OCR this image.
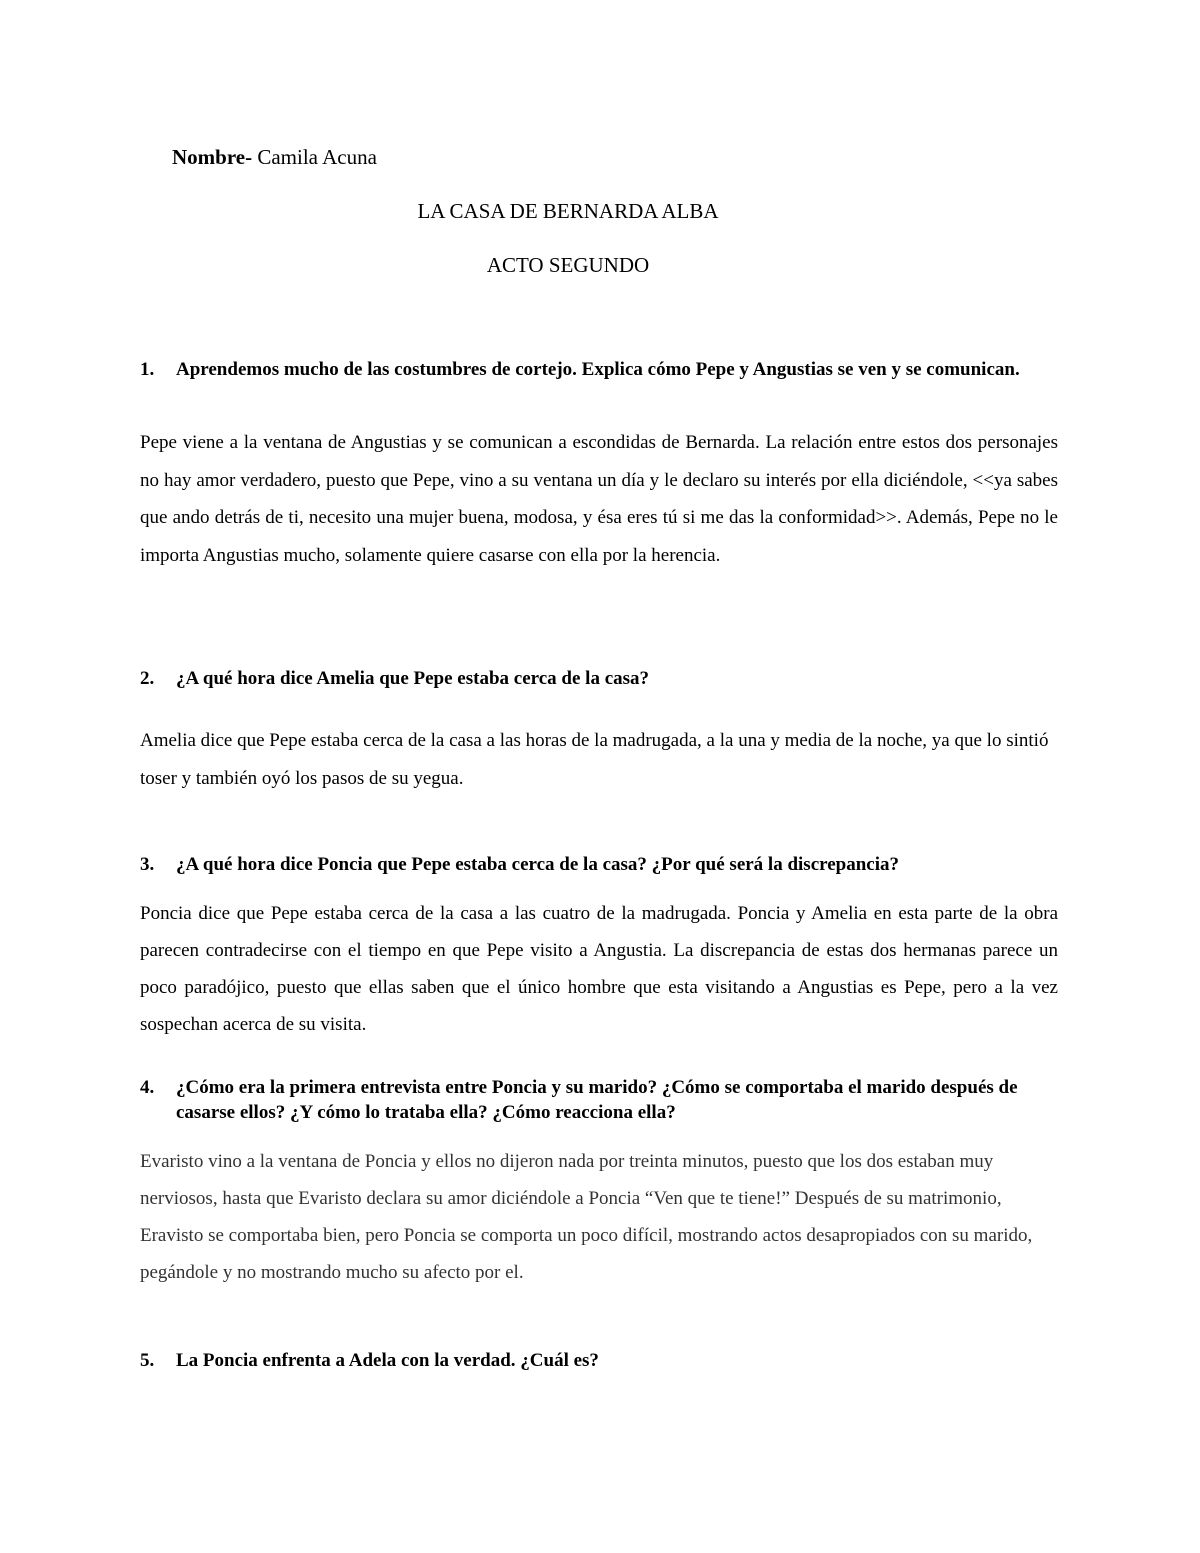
Nombre- Camila Acuna
LA CASA DE BERNARDA ALBA
ACTO SEGUNDO
1.	Aprendemos mucho de las costumbres de cortejo. Explica cómo Pepe y Angustias se ven y se comunican.
Pepe viene a la ventana de Angustias y se comunican a escondidas de Bernarda. La relación entre estos dos personajes no hay amor verdadero, puesto que Pepe, vino a su ventana un día y le declaro su interés por ella diciéndole, <<ya sabes que ando detrás de ti, necesito una mujer buena, modosa, y ésa eres tú si me das la conformidad>>. Además, Pepe no le importa Angustias mucho, solamente quiere casarse con ella por la herencia.
2.	¿A qué hora dice Amelia que Pepe estaba cerca de la casa?
Amelia dice que Pepe estaba cerca de la casa a las horas de la madrugada, a la una y media de la noche, ya que lo sintió toser y también oyó los pasos de su yegua.
3.	¿A qué hora dice Poncia que Pepe estaba cerca de la casa? ¿Por qué será la discrepancia?
Poncia dice que Pepe estaba cerca de la casa a las cuatro de la madrugada. Poncia y Amelia en esta parte de la obra parecen contradecirse con el tiempo en que Pepe visito a Angustia. La discrepancia de estas dos hermanas parece un poco paradójico, puesto que ellas saben que el único hombre que esta visitando a Angustias es Pepe, pero a la vez sospechan acerca de su visita.
4.	¿Cómo era la primera entrevista entre Poncia y su marido? ¿Cómo se comportaba el marido después de casarse ellos? ¿Y cómo lo trataba ella? ¿Cómo reacciona ella?
Evaristo vino a la ventana de Poncia y ellos no dijeron nada por treinta minutos, puesto que los dos estaban muy nerviosos, hasta que Evaristo declara su amor diciéndole a Poncia “Ven que te tiene!” Después de su matrimonio, Eravisto se comportaba bien, pero Poncia se comporta un poco difícil, mostrando actos desapropiados con su marido, pegándole y no mostrando mucho su afecto por el.
5.	La Poncia enfrenta a Adela con la verdad. ¿Cuál es?
